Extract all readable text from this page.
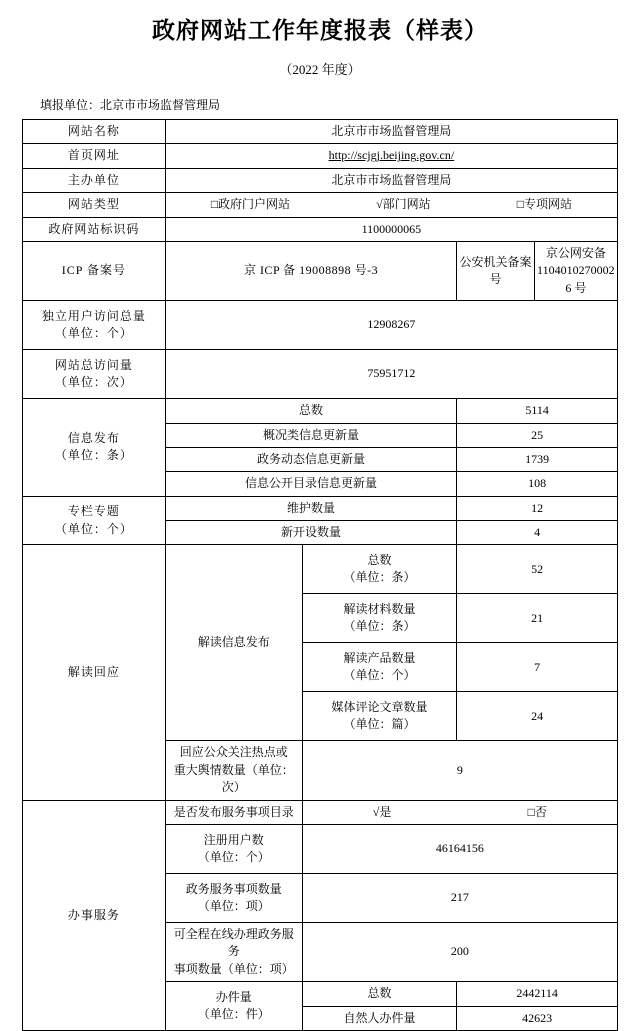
政府网站工作年度报表（样表）
（2022 年度）
填报单位：北京市市场监督管理局
网站名称	北京市市场监督管理局			
首页网址	http://scjgj.beijing.gov.cn/			
主办单位	北京市市场监督管理局			
网站类型	□政府门户网站 √部门网站 □专项网站			

政府网站标识码	1100000065			
ICP 备案号	京 ICP 备 19008898 号-3		公安机关备案号	京公网安备
11040102700026 号

独立用户访问总量
（单位：个）	12908267			

网站总访问量
（单位：次）	75951712			

信息发布
（单位：条）	总数		5114	
	概况类信息更新量		25	
	政务动态信息更新量		1739	
	信息公开目录信息更新量		108	

专栏专题
（单位：个）	维护数量		12	
	新开设数量		4	
解读回应	解读信息发布	总数
（单位：条）	52	

		解读材料数量
（单位：条）	21	

		解读产品数量
（单位：个）	7	

		媒体评论文章数量
（单位：篇）	24	

	回应公众关注热点或
重大舆情数量（单位：次）	9		
办事服务	是否发布服务事项目录	√是 □否		

	注册用户数
（单位：个）	46164156		

	政务服务事项数量
（单位：项）	217		

	可全程在线办理政务服务
事项数量（单位：项）	200		

	办件量
（单位：件）	总数	2442114	
		自然人办件量	42623	
